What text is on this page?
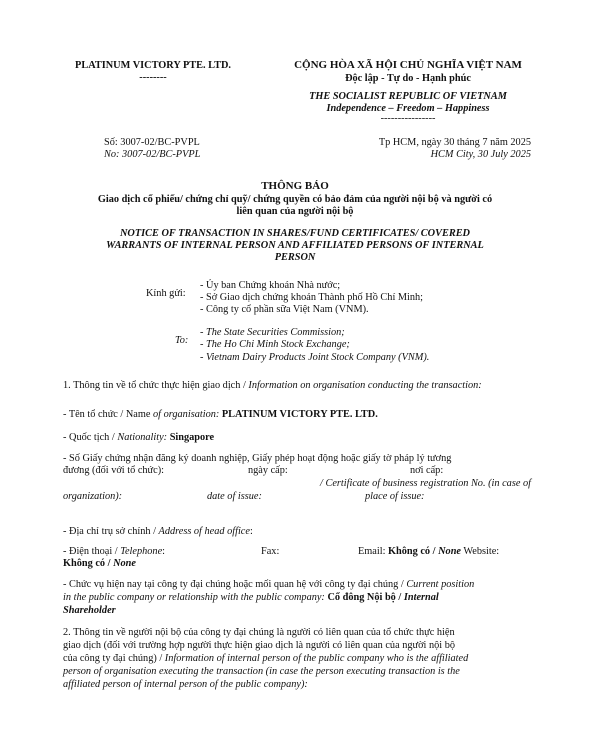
PLATINUM VICTORY PTE. LTD.
--------
CỘNG HÒA XÃ HỘI CHỦ NGHĨA VIỆT NAM
Độc lập - Tự do - Hạnh phúc
THE SOCIALIST REPUBLIC OF VIETNAM
Independence – Freedom – Happiness
----------------
Số: 3007-02/BC-PVPL
No: 3007-02/BC-PVPL
Tp HCM, ngày 30 tháng 7 năm 2025
HCM City, 30 July 2025
THÔNG BÁO
Giao dịch cổ phiếu/ chứng chỉ quỹ/ chứng quyền có bảo đảm của người nội bộ và người có
liên quan của người nội bộ
NOTICE OF TRANSACTION IN SHARES/FUND CERTIFICATES/ COVERED
WARRANTS OF INTERNAL PERSON AND AFFILIATED PERSONS OF INTERNAL
PERSON
Kính gửi:
- Ủy ban Chứng khoán Nhà nước;
- Sở Giao dịch chứng khoán Thành phố Hồ Chí Minh;
- Công ty cổ phần sữa Việt Nam (VNM).
To:
- The State Securities Commission;
- The Ho Chi Minh Stock Exchange;
- Vietnam Dairy Products Joint Stock Company (VNM).
1. Thông tin về tổ chức thực hiện giao dịch / Information on organisation conducting the transaction:
- Tên tổ chức / Name of organisation: PLATINUM VICTORY PTE. LTD.
- Quốc tịch / Nationality: Singapore
- Số Giấy chứng nhận đăng ký doanh nghiệp, Giấy phép hoạt động hoặc giấy tờ pháp lý tương
đương (đối với tổ chức):	ngày cấp:	nơi cấp:
/ Certificate of business registration No. (in case of
organization):	date of issue:	place of issue:
- Địa chỉ trụ sở chính / Address of head office:
- Điện thoại / Telephone:	Fax:	Email: Không có / None Website:
Không có / None
- Chức vụ hiện nay tại công ty đại chúng hoặc mối quan hệ với công ty đại chúng / Current position
in the public company or relationship with the public company: Cổ đông Nội bộ / Internal
Shareholder
2. Thông tin về người nội bộ của công ty đại chúng là người có liên quan của tổ chức thực hiện
giao dịch (đối với trường hợp người thực hiện giao dịch là người có liên quan của người nội bộ
của công ty đại chúng) / Information of internal person of the public company who is the affiliated
person of organisation executing the transaction (in case the person executing transaction is the
affiliated person of internal person of the public company):
